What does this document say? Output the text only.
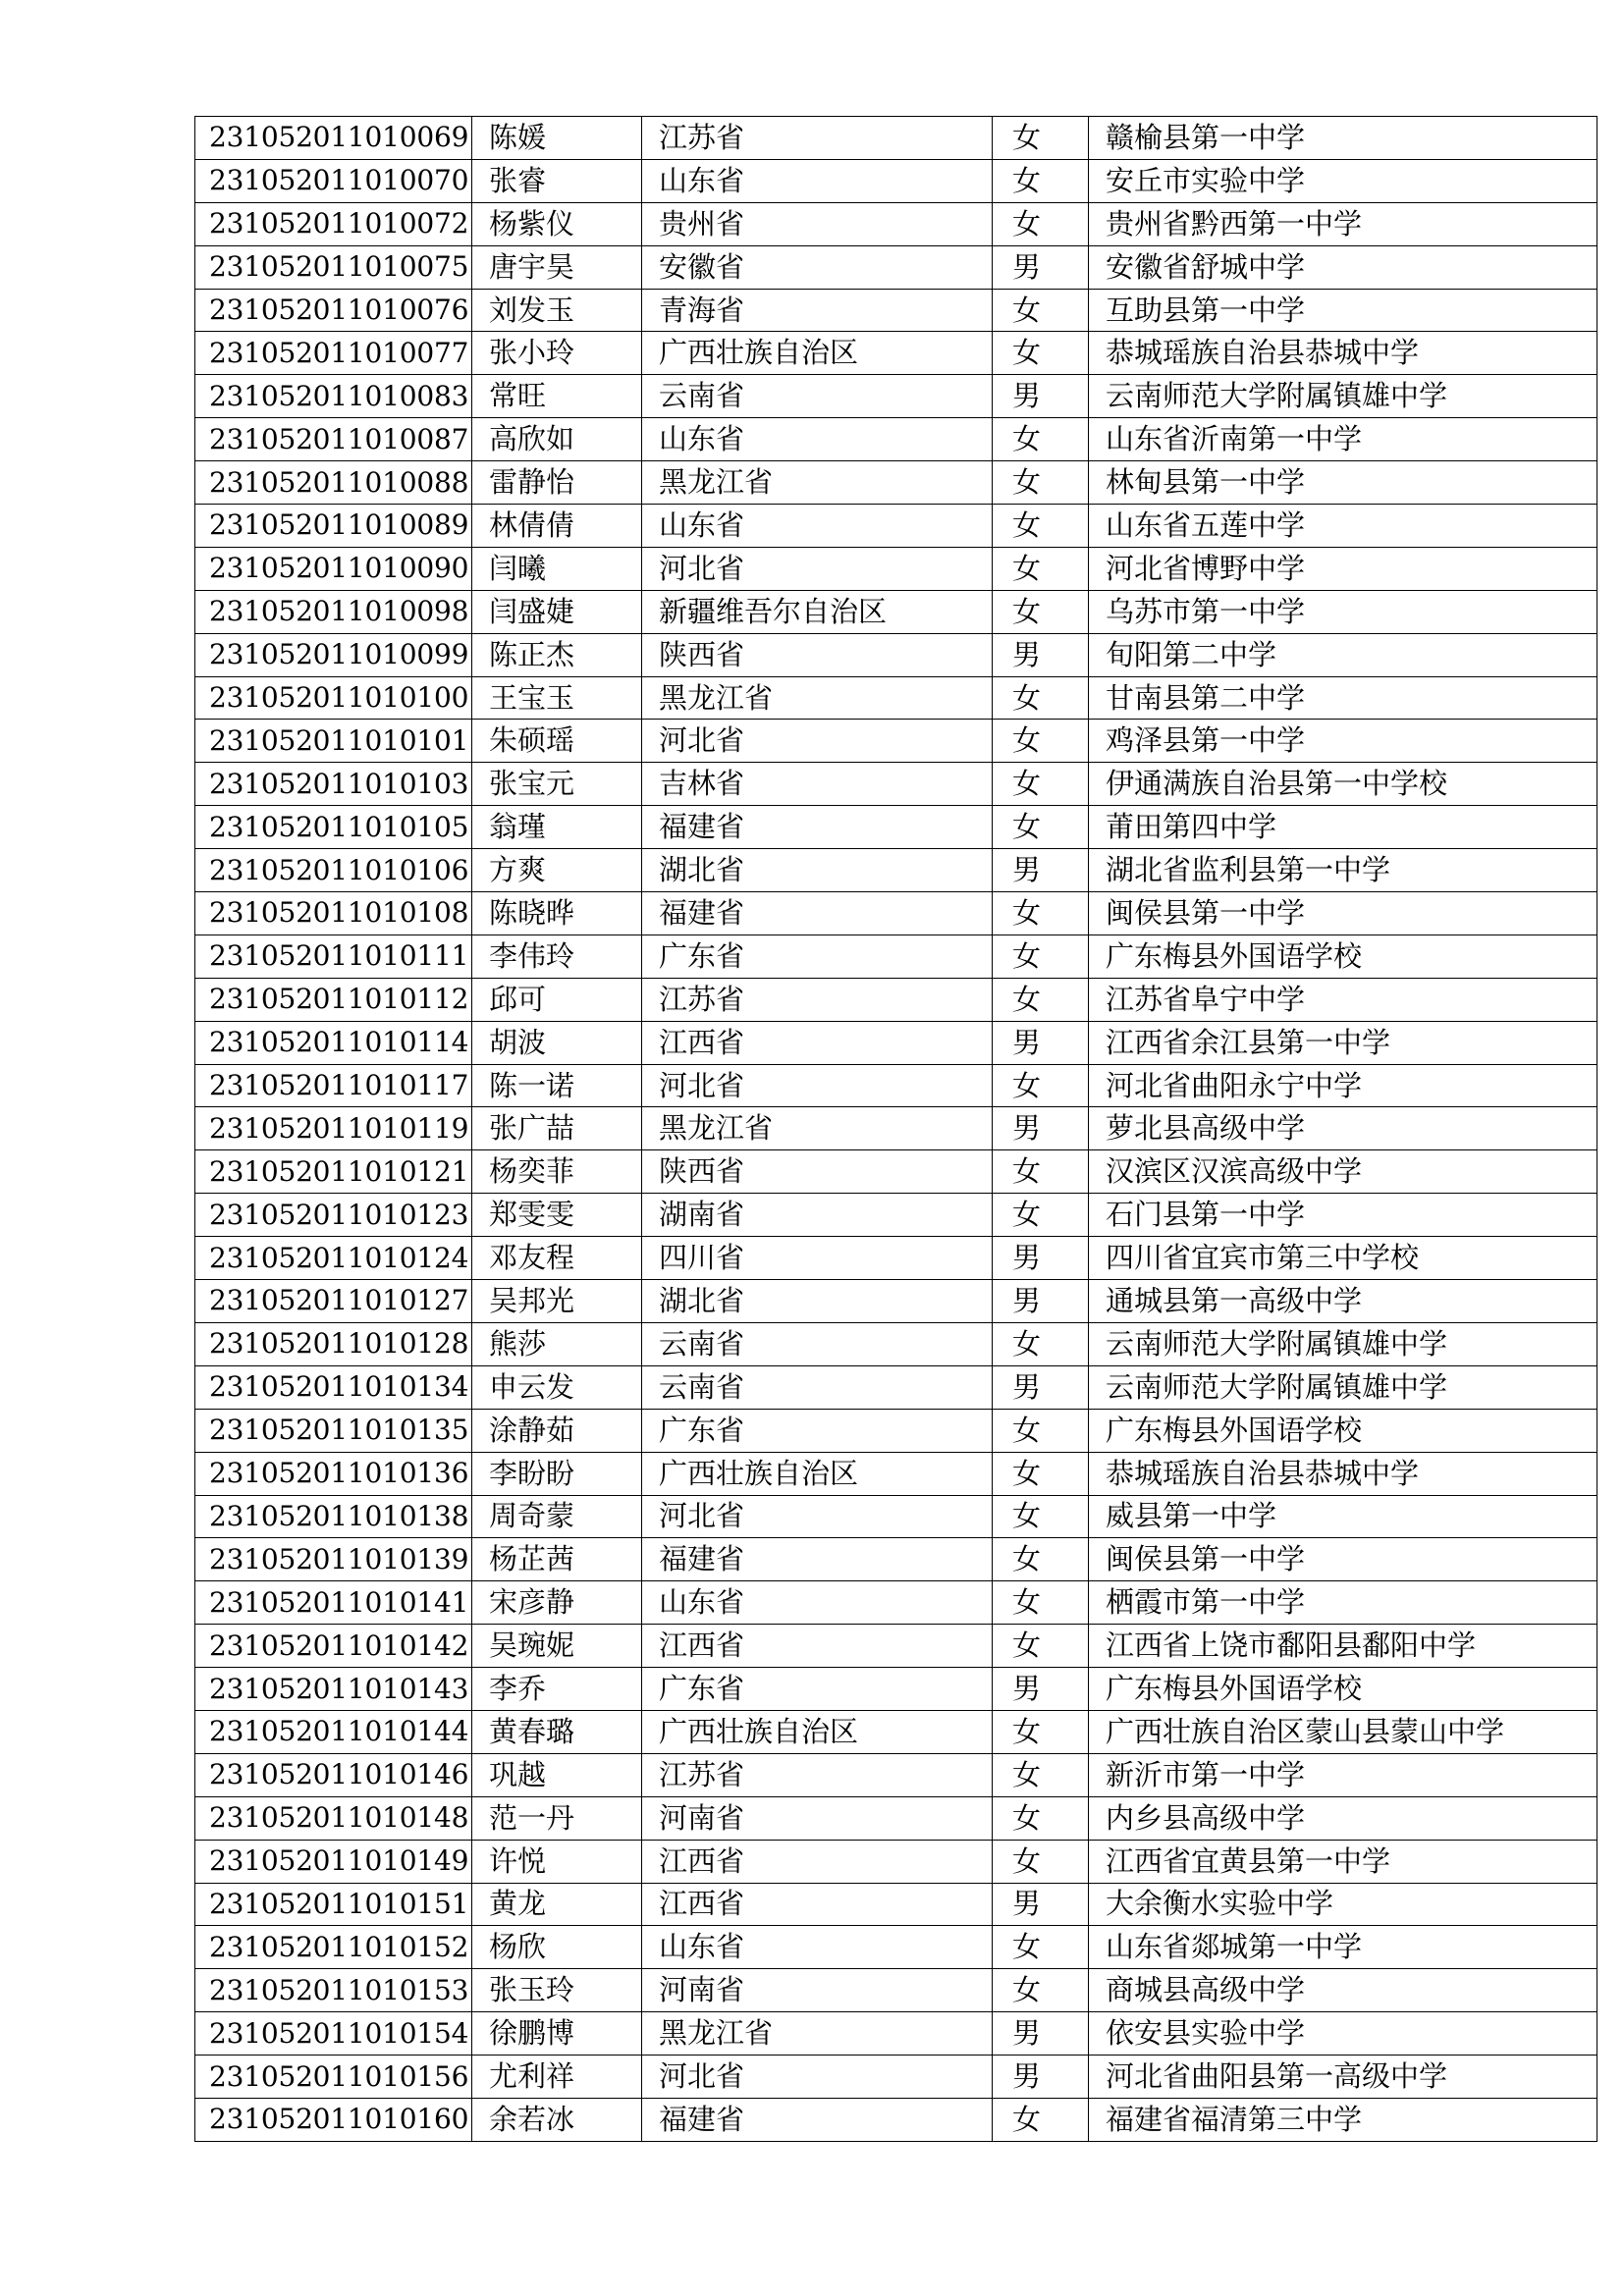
231052011010069	陈媛	江苏省	女	赣榆县第一中学
231052011010070	张睿	山东省	女	安丘市实验中学
231052011010072	杨紫仪	贵州省	女	贵州省黔西第一中学
231052011010075	唐宇昊	安徽省	男	安徽省舒城中学
231052011010076	刘发玉	青海省	女	互助县第一中学
231052011010077	张小玲	广西壮族自治区	女	恭城瑶族自治县恭城中学
231052011010083	常旺	云南省	男	云南师范大学附属镇雄中学
231052011010087	高欣如	山东省	女	山东省沂南第一中学
231052011010088	雷静怡	黑龙江省	女	林甸县第一中学
231052011010089	林倩倩	山东省	女	山东省五莲中学
231052011010090	闫曦	河北省	女	河北省博野中学
231052011010098	闫盛婕	新疆维吾尔自治区	女	乌苏市第一中学
231052011010099	陈正杰	陕西省	男	旬阳第二中学
231052011010100	王宝玉	黑龙江省	女	甘南县第二中学
231052011010101	朱硕瑶	河北省	女	鸡泽县第一中学
231052011010103	张宝元	吉林省	女	伊通满族自治县第一中学校
231052011010105	翁瑾	福建省	女	莆田第四中学
231052011010106	方爽	湖北省	男	湖北省监利县第一中学
231052011010108	陈晓晔	福建省	女	闽侯县第一中学
231052011010111	李伟玲	广东省	女	广东梅县外国语学校
231052011010112	邱可	江苏省	女	江苏省阜宁中学
231052011010114	胡波	江西省	男	江西省余江县第一中学
231052011010117	陈一诺	河北省	女	河北省曲阳永宁中学
231052011010119	张广喆	黑龙江省	男	萝北县高级中学
231052011010121	杨奕菲	陕西省	女	汉滨区汉滨高级中学
231052011010123	郑雯雯	湖南省	女	石门县第一中学
231052011010124	邓友程	四川省	男	四川省宜宾市第三中学校
231052011010127	吴邦光	湖北省	男	通城县第一高级中学
231052011010128	熊莎	云南省	女	云南师范大学附属镇雄中学
231052011010134	申云发	云南省	男	云南师范大学附属镇雄中学
231052011010135	涂静茹	广东省	女	广东梅县外国语学校
231052011010136	李盼盼	广西壮族自治区	女	恭城瑶族自治县恭城中学
231052011010138	周奇蒙	河北省	女	威县第一中学
231052011010139	杨芷茜	福建省	女	闽侯县第一中学
231052011010141	宋彦静	山东省	女	栖霞市第一中学
231052011010142	吴琬妮	江西省	女	江西省上饶市鄱阳县鄱阳中学
231052011010143	李乔	广东省	男	广东梅县外国语学校
231052011010144	黄春璐	广西壮族自治区	女	广西壮族自治区蒙山县蒙山中学
231052011010146	巩越	江苏省	女	新沂市第一中学
231052011010148	范一丹	河南省	女	内乡县高级中学
231052011010149	许悦	江西省	女	江西省宜黄县第一中学
231052011010151	黄龙	江西省	男	大余衡水实验中学
231052011010152	杨欣	山东省	女	山东省郯城第一中学
231052011010153	张玉玲	河南省	女	商城县高级中学
231052011010154	徐鹏博	黑龙江省	男	依安县实验中学
231052011010156	尤利祥	河北省	男	河北省曲阳县第一高级中学
231052011010160	余若冰	福建省	女	福建省福清第三中学
